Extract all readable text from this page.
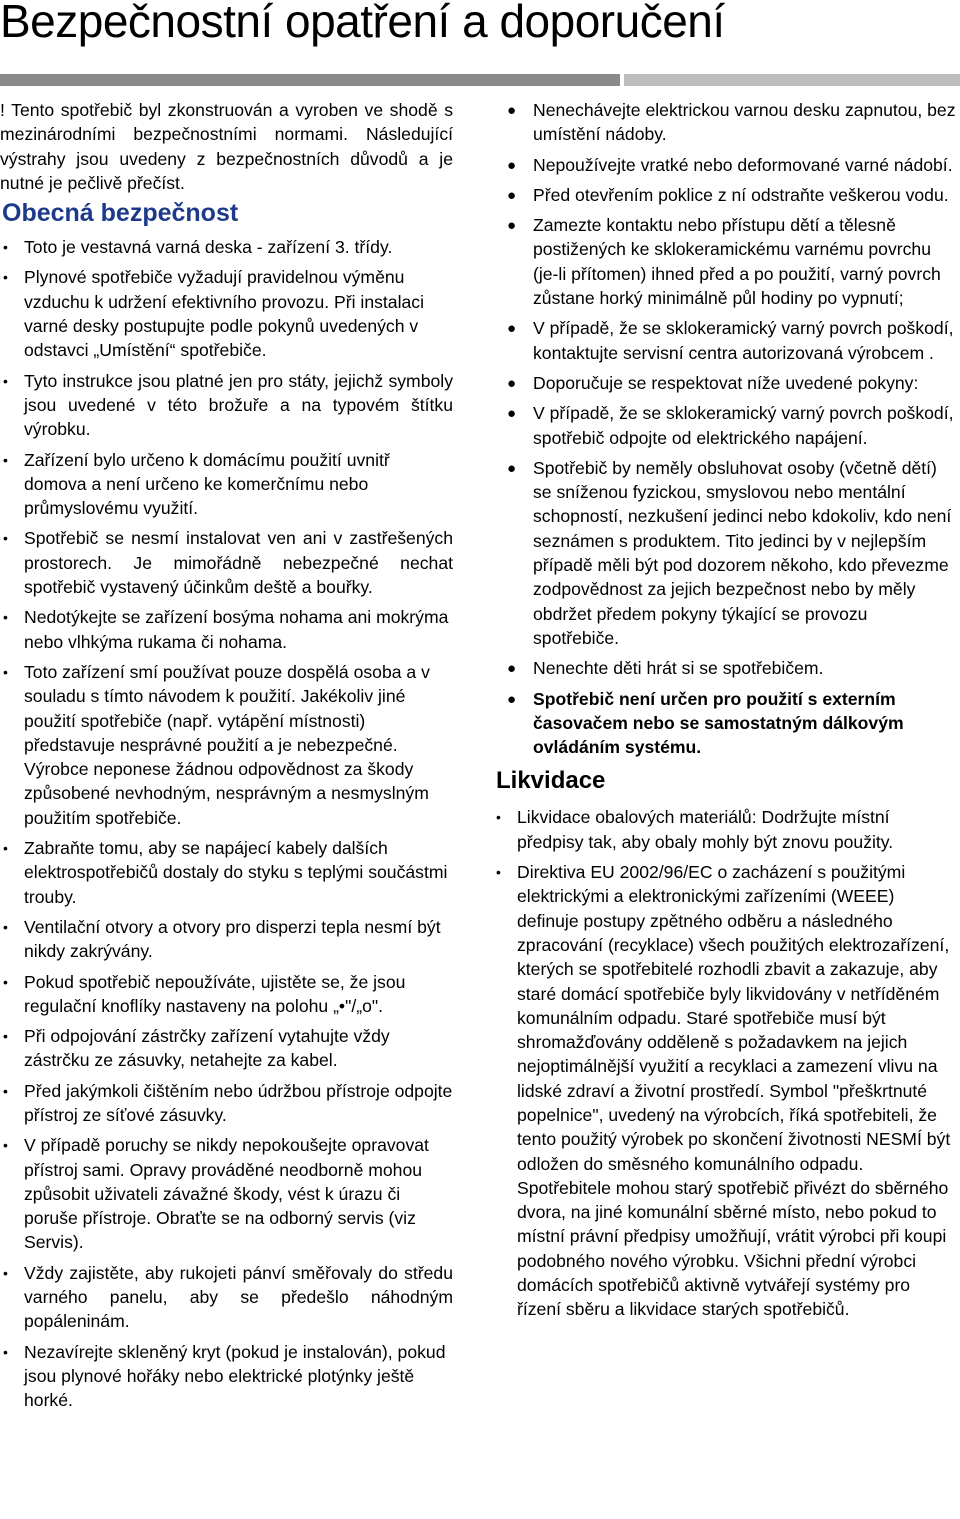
Bezpečnostní opatření a doporučení

! Tento spotřebič byl zkonstruován a vyroben ve shodě s mezinárodními bezpečnostními normami. Následující výstrahy jsou uvedeny z bezpečnostních důvodů a je nutné je pečlivě přečíst.

Obecná bezpečnost
• Toto je vestavná varná deska - zařízení 3. třídy.
• Plynové spotřebiče vyžadují pravidelnou výměnu vzduchu k udržení efektivního provozu. Při instalaci varné desky postupujte podle pokynů uvedených v odstavci „Umístění“ spotřebiče.
• Tyto instrukce jsou platné jen pro státy, jejichž symboly jsou uvedené v této brožuře a na typovém štítku výrobku.
• Zařízení bylo určeno k domácímu použití uvnitř domova a není určeno ke komerčnímu nebo průmyslovému využití.
• Spotřebič se nesmí instalovat ven ani v zastřešených prostorech. Je mimořádně nebezpečné nechat spotřebič vystavený účinkům deště a bouřky.
• Nedotýkejte se zařízení bosýma nohama ani mokrýma nebo vlhkýma rukama či nohama.
• Toto zařízení smí používat pouze dospělá osoba a v souladu s tímto návodem k použití. Jakékoliv jiné použití spotřebiče (např. vytápění místnosti) představuje nesprávné použití a je nebezpečné. Výrobce neponese žádnou odpovědnost za škody způsobené nevhodným, nesprávným a nesmyslným použitím spotřebiče.
• Zabraňte tomu, aby se napájecí kabely dalších elektrospotřebičů dostaly do styku s teplými součástmi trouby.
• Ventilační otvory a otvory pro disperzi tepla nesmí být nikdy zakrývány.
• Pokud spotřebič nepoužíváte, ujistěte se, že jsou regulační knoflíky nastaveny na polohu „•"/„o".
• Při odpojování zástrčky zařízení vytahujte vždy zástrčku ze zásuvky, netahejte za kabel.
• Před jakýmkoli čištěním nebo údržbou přístroje odpojte přístroj ze síťové zásuvky.
• V případě poruchy se nikdy nepokoušejte opravovat přístroj sami. Opravy prováděné neodborně mohou způsobit uživateli závažné škody, vést k úrazu či poruše přístroje. Obraťte se na odborný servis (viz Servis).
• Vždy zajistěte, aby rukojeti pánví směřovaly do středu varného panelu, aby se předešlo náhodným popáleninám.
• Nezavírejte skleněný kryt (pokud je instalován), pokud jsou plynové hořáky nebo elektrické plotýnky ještě horké.
● Nenechávejte elektrickou varnou desku zapnutou, bez umístění nádoby.
● Nepoužívejte vratké nebo deformované varné nádobí.
● Před otevřením poklice z ní odstraňte veškerou vodu.
● Zamezte kontaktu nebo přístupu dětí a tělesně postižených ke sklokeramickému varnému povrchu (je-li přítomen) ihned před a po použití, varný povrch zůstane horký minimálně půl hodiny po vypnutí;
● V případě, že se sklokeramický varný povrch poškodí, kontaktujte servisní centra autorizovaná výrobcem .
● Doporučuje se respektovat níže uvedené pokyny:
● V případě, že se sklokeramický varný povrch poškodí, spotřebič odpojte od elektrického napájení.
● Spotřebič by neměly obsluhovat osoby (včetně dětí) se sníženou fyzickou, smyslovou nebo mentální schopností, nezkušení jedinci nebo kdokoliv, kdo není seznámen s produktem. Tito jedinci by v nejlepším případě měli být pod dozorem někoho, kdo převezme zodpovědnost za jejich bezpečnost nebo by měly obdržet předem pokyny týkající se provozu spotřebiče.
● Nenechte děti hrát si se spotřebičem.
● Spotřebič není určen pro použití s externím časovačem nebo se samostatným dálkovým ovládáním systému.
Likvidace
• Likvidace obalových materiálů: Dodržujte místní předpisy tak, aby obaly mohly být znovu použity.
• Direktiva EU 2002/96/EC o zacházení s použitými elektrickými a elektronickými zařízeními (WEEE) definuje postupy zpětného odběru a následného zpracování (recyklace) všech použitých elektrozařízení, kterých se spotřebitelé rozhodli zbavit a zakazuje, aby staré domácí spotřebiče byly likvidovány v netříděném komunálním odpadu. Staré spotřebiče musí být shromažďovány odděleně s požadavkem na jejich nejoptimálnější využití a recyklaci a zamezení vlivu na lidské zdraví a životní prostředí. Symbol "přeškrtnuté popelnice", uvedený na výrobcích, říká spotřebiteli, že tento použitý výrobek po skončení životnosti NESMÍ být odložen do směsného komunálního odpadu. Spotřebitele mohou starý spotřebič přivézt do sběrného dvora, na jiné komunální sběrné místo, nebo pokud to místní právní předpisy umožňují, vrátit výrobci při koupi podobného nového výrobku. Všichni přední výrobci domácích spotřebičů aktivně vytvářejí systémy pro řízení sběru a likvidace starých spotřebičů.
